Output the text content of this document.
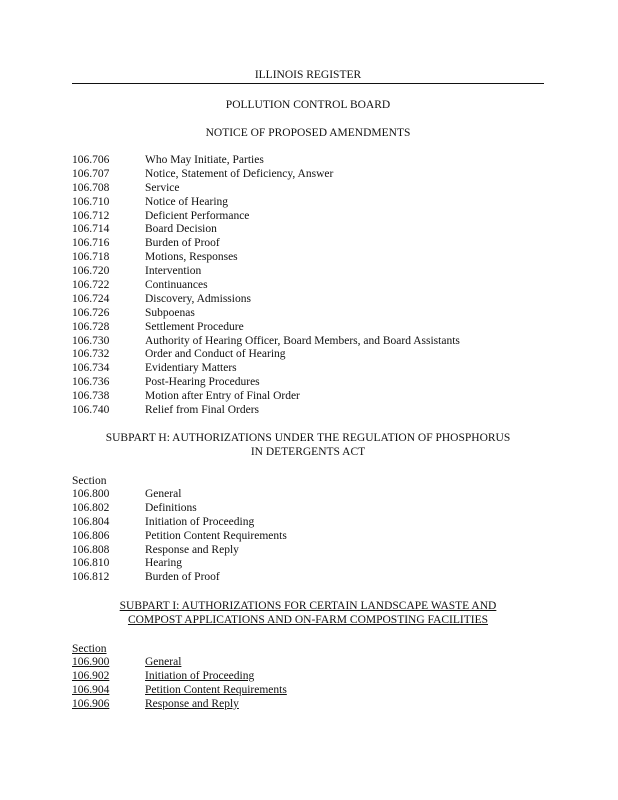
ILLINOIS REGISTER
POLLUTION CONTROL BOARD
NOTICE OF PROPOSED AMENDMENTS
106.706	Who May Initiate, Parties
106.707	Notice, Statement of Deficiency, Answer
106.708	Service
106.710	Notice of Hearing
106.712	Deficient Performance
106.714	Board Decision
106.716	Burden of Proof
106.718	Motions, Responses
106.720	Intervention
106.722	Continuances
106.724	Discovery, Admissions
106.726	Subpoenas
106.728	Settlement Procedure
106.730	Authority of Hearing Officer, Board Members, and Board Assistants
106.732	Order and Conduct of Hearing
106.734	Evidentiary Matters
106.736	Post-Hearing Procedures
106.738	Motion after Entry of Final Order
106.740	Relief from Final Orders
SUBPART H: AUTHORIZATIONS UNDER THE REGULATION OF PHOSPHORUS
IN DETERGENTS ACT
Section
106.800	General
106.802	Definitions
106.804	Initiation of Proceeding
106.806	Petition Content Requirements
106.808	Response and Reply
106.810	Hearing
106.812	Burden of Proof
SUBPART I: AUTHORIZATIONS FOR CERTAIN LANDSCAPE WASTE AND
COMPOST APPLICATIONS AND ON-FARM COMPOSTING FACILITIES
Section
106.900	General
106.902	Initiation of Proceeding
106.904	Petition Content Requirements
106.906	Response and Reply
